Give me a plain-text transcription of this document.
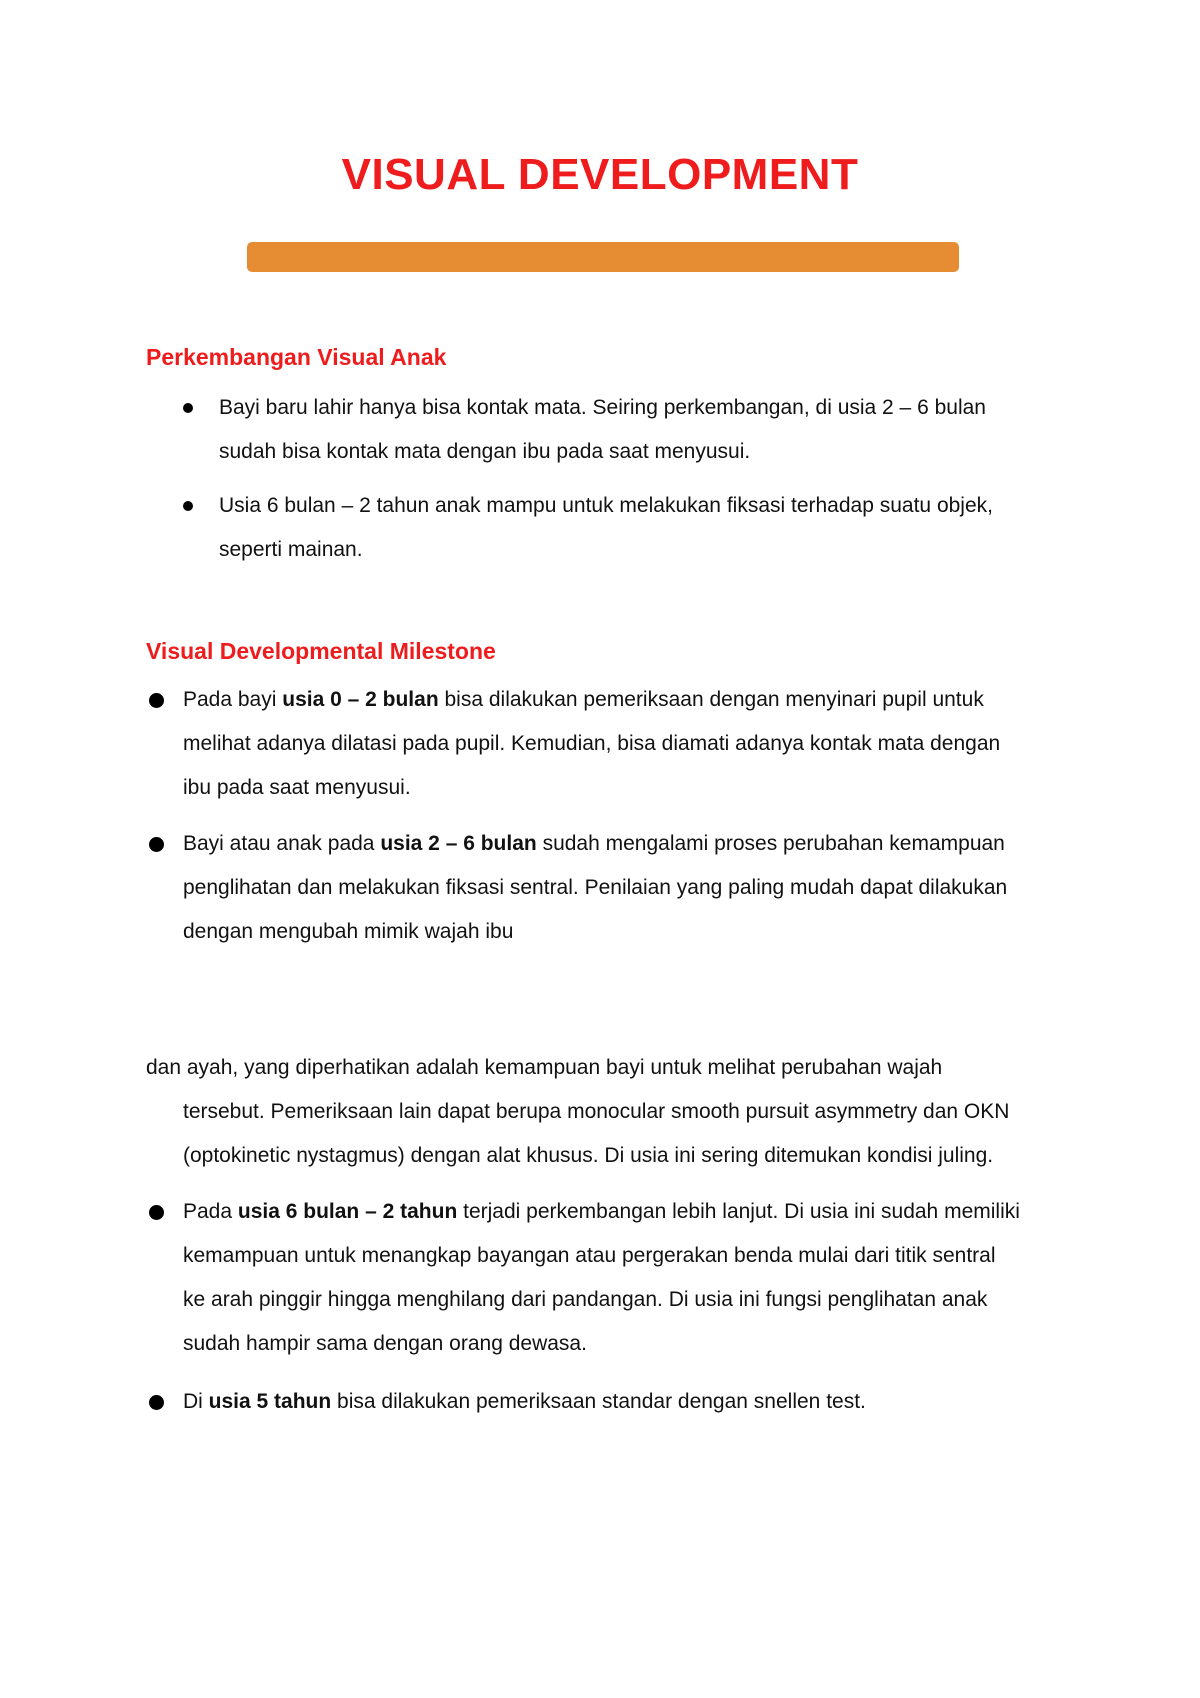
VISUAL DEVELOPMENT
Perkembangan Visual Anak
Bayi baru lahir hanya bisa kontak mata. Seiring perkembangan, di usia 2 – 6 bulan
sudah bisa kontak mata dengan ibu pada saat menyusui.
Usia 6 bulan – 2 tahun anak mampu untuk melakukan fiksasi terhadap suatu objek,
seperti mainan.
Visual Developmental Milestone
Pada bayi usia 0 – 2 bulan bisa dilakukan pemeriksaan dengan menyinari pupil untuk
melihat adanya dilatasi pada pupil. Kemudian, bisa diamati adanya kontak mata dengan
ibu pada saat menyusui.
Bayi atau anak pada usia 2 – 6 bulan sudah mengalami proses perubahan kemampuan
penglihatan dan melakukan fiksasi sentral. Penilaian yang paling mudah dapat dilakukan
dengan mengubah mimik wajah ibu
dan ayah, yang diperhatikan adalah kemampuan bayi untuk melihat perubahan wajah
tersebut. Pemeriksaan lain dapat berupa monocular smooth pursuit asymmetry dan OKN
(optokinetic nystagmus) dengan alat khusus. Di usia ini sering ditemukan kondisi juling.
Pada usia 6 bulan – 2 tahun terjadi perkembangan lebih lanjut. Di usia ini sudah memiliki
kemampuan untuk menangkap bayangan atau pergerakan benda mulai dari titik sentral
ke arah pinggir hingga menghilang dari pandangan. Di usia ini fungsi penglihatan anak
sudah hampir sama dengan orang dewasa.
Di usia 5 tahun bisa dilakukan pemeriksaan standar dengan snellen test.
